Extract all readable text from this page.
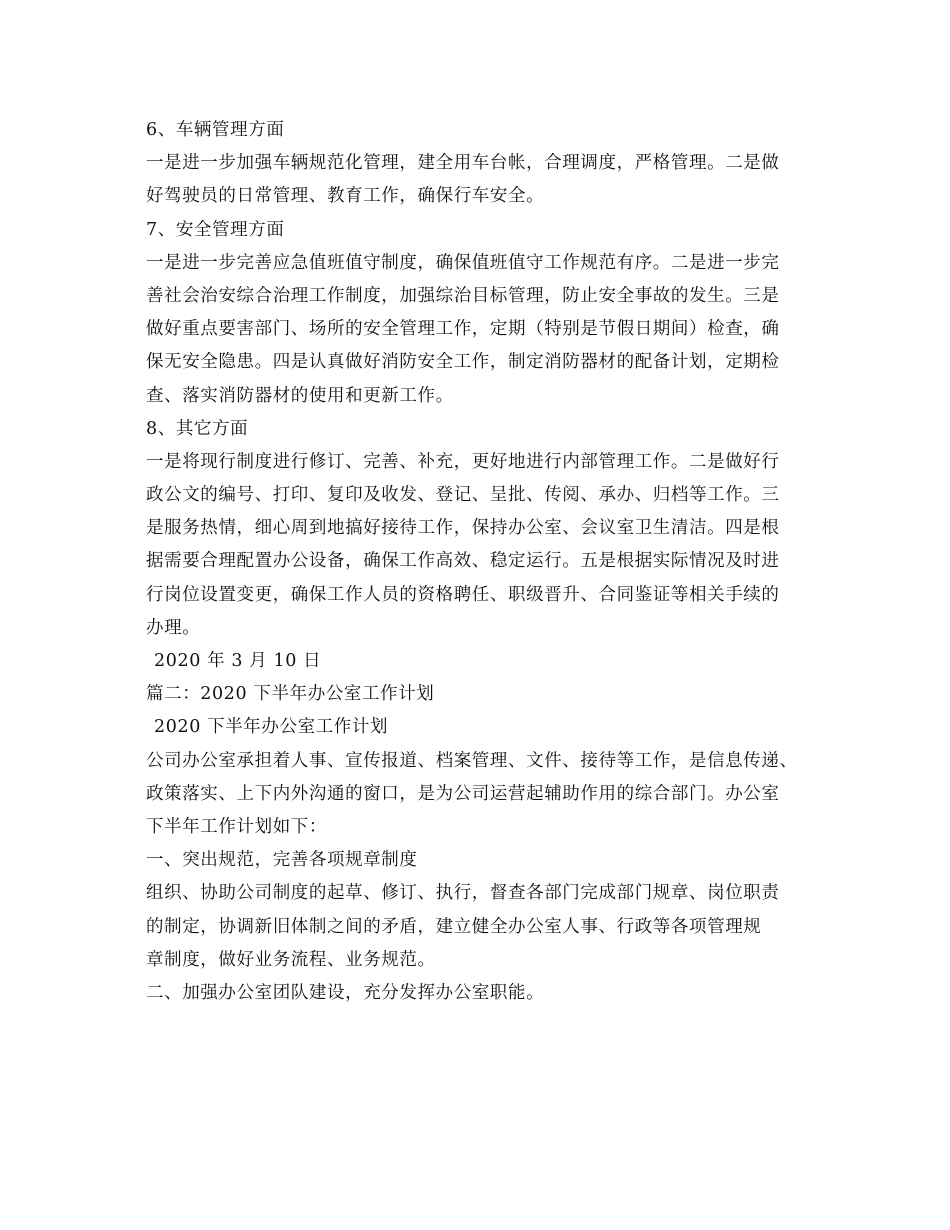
6、车辆管理方面
一是进一步加强车辆规范化管理，建全用车台帐，合理调度，严格管理。二是做
好驾驶员的日常管理、教育工作，确保行车安全。
7、安全管理方面
一是进一步完善应急值班值守制度，确保值班值守工作规范有序。二是进一步完
善社会治安综合治理工作制度，加强综治目标管理，防止安全事故的发生。三是
做好重点要害部门、场所的安全管理工作，定期（特别是节假日期间）检查，确
保无安全隐患。四是认真做好消防安全工作，制定消防器材的配备计划，定期检
查、落实消防器材的使用和更新工作。
8、其它方面
一是将现行制度进行修订、完善、补充，更好地进行内部管理工作。二是做好行
政公文的编号、打印、复印及收发、登记、呈批、传阅、承办、归档等工作。三
是服务热情，细心周到地搞好接待工作，保持办公室、会议室卫生清洁。四是根
据需要合理配置办公设备，确保工作高效、稳定运行。五是根据实际情况及时进
行岗位设置变更，确保工作人员的资格聘任、职级晋升、合同鉴证等相关手续的
办理。
2020 年 3 月 10 日
篇二：2020 下半年办公室工作计划
2020 下半年办公室工作计划
公司办公室承担着人事、宣传报道、档案管理、文件、接待等工作，是信息传递、
政策落实、上下内外沟通的窗口，是为公司运营起辅助作用的综合部门。办公室
下半年工作计划如下：
一、突出规范，完善各项规章制度
组织、协助公司制度的起草、修订、执行，督查各部门完成部门规章、岗位职责
的制定，协调新旧体制之间的矛盾，建立健全办公室人事、行政等各项管理规
章制度，做好业务流程、业务规范。
二、加强办公室团队建设，充分发挥办公室职能。
